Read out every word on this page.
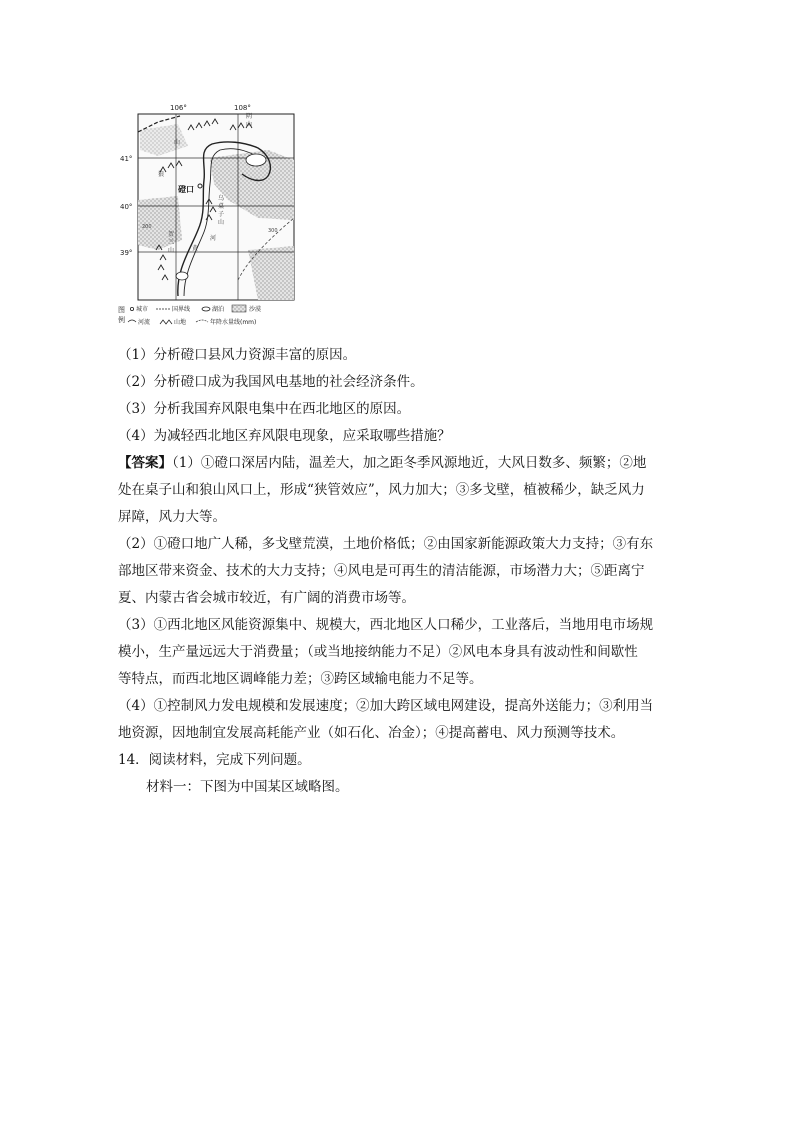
106°	108°
41°
40°
39°
磴口
阴
山
狼
山
乌
桌
子
山
贺
兰
山	黄
河
200
300
图
例
城市	国界线	湖泊	沙漠
河流	山地	年降水量线(mm)
（1）分析磴口县风力资源丰富的原因。
（2）分析磴口成为我国风电基地的社会经济条件。
（3）分析我国弃风限电集中在西北地区的原因。
（4）为减轻西北地区弃风限电现象，应采取哪些措施？
【答案】（1）①磴口深居内陆，温差大，加之距冬季风源地近，大风日数多、频繁；②地
处在桌子山和狼山风口上，形成“狭管效应”，风力加大；③多戈壁，植被稀少，缺乏风力
屏障，风力大等。
（2）①磴口地广人稀，多戈壁荒漠，土地价格低；②由国家新能源政策大力支持；③有东
部地区带来资金、技术的大力支持；④风电是可再生的清洁能源，市场潜力大；⑤距离宁
夏、内蒙古省会城市较近，有广阔的消费市场等。
（3）①西北地区风能资源集中、规模大，西北地区人口稀少，工业落后，当地用电市场规
模小，生产量远远大于消费量；（或当地接纳能力不足）②风电本身具有波动性和间歇性
等特点，而西北地区调峰能力差；③跨区域输电能力不足等。
（4）①控制风力发电规模和发展速度；②加大跨区域电网建设，提高外送能力；③利用当
地资源，因地制宜发展高耗能产业（如石化、冶金）；④提高蓄电、风力预测等技术。
14．阅读材料，完成下列问题。
材料一：下图为中国某区域略图。
